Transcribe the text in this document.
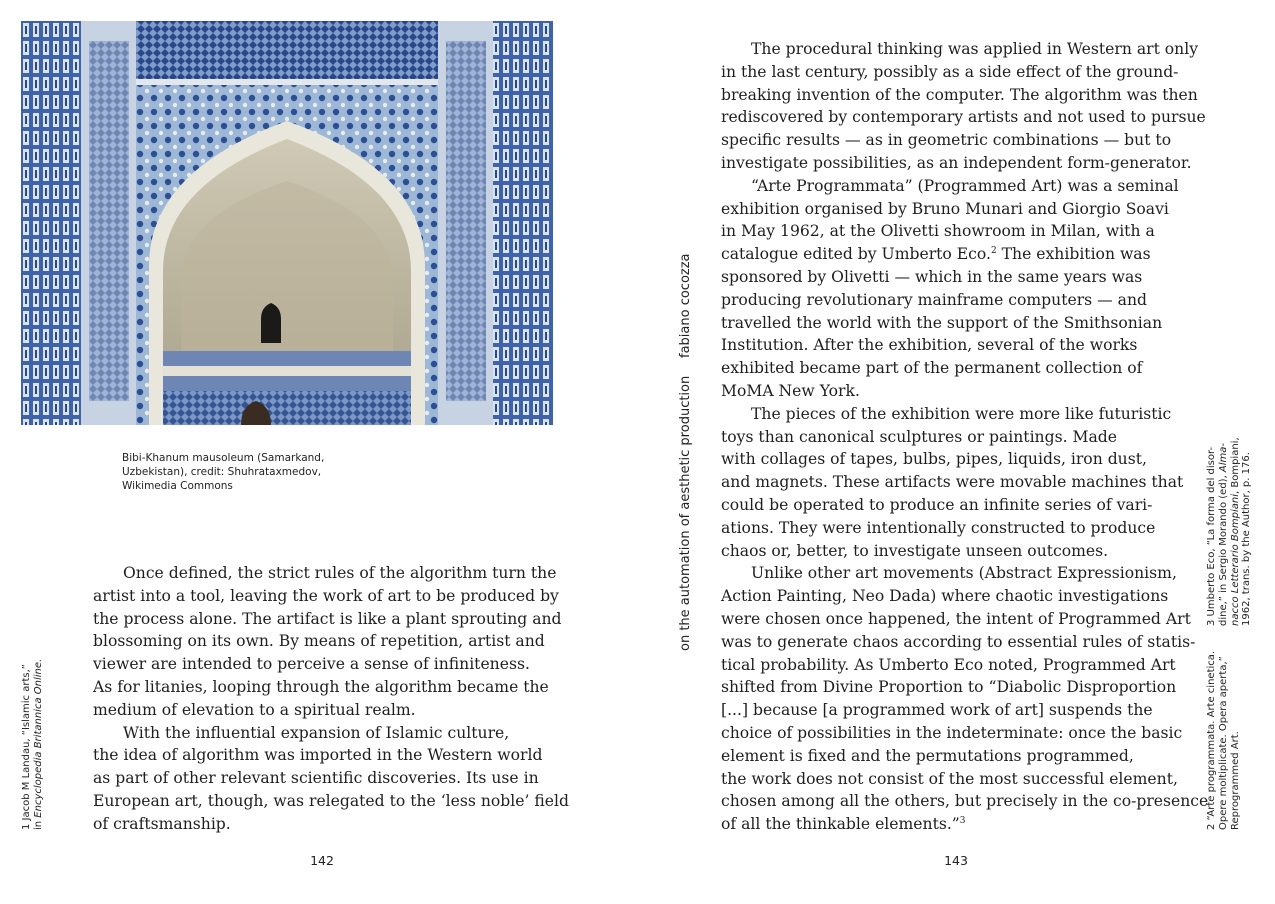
Bibi-Khanum mausoleum (Samarkand,
Uzbekistan), credit: Shuhrataxmedov,
Wikimedia Commons
Once defined, the strict rules of the algorithm turn the
artist into a tool, leaving the work of art to be produced by
the process alone. The artifact is like a plant sprouting and
blossoming on its own. By means of repetition, artist and
viewer are intended to perceive a sense of infiniteness.
As for litanies, looping through the algorithm became the
medium of elevation to a spiritual realm.
With the influential expansion of Islamic culture,
the idea of algorithm was imported in the Western world
as part of other relevant scientific discoveries. Its use in
European art, though, was relegated to the ‘less noble’ field
of craftsmanship.
1 Jacob M Landau, “Islamic arts,” in Encyclopedia Britannica Online.
142
fabiano cocozza
on the automation of aesthetic production
The procedural thinking was applied in Western art only
in the last century, possibly as a side effect of the ground-
breaking invention of the computer. The algorithm was then
rediscovered by contemporary artists and not used to pursue
specific results — as in geometric combinations — but to
investigate possibilities, as an independent form-generator.
“Arte Programmata” (Programmed Art) was a seminal
exhibition organised by Bruno Munari and Giorgio Soavi
in May 1962, at the Olivetti showroom in Milan, with a
catalogue edited by Umberto Eco.$^2$ The exhibition was
sponsored by Olivetti — which in the same years was
producing revolutionary mainframe computers — and
travelled the world with the support of the Smithsonian
Institution. After the exhibition, several of the works
exhibited became part of the permanent collection of
MoMA New York.
The pieces of the exhibition were more like futuristic
toys than canonical sculptures or paintings. Made
with collages of tapes, bulbs, pipes, liquids, iron dust,
and magnets. These artifacts were movable machines that
could be operated to produce an infinite series of vari-
ations. They were intentionally constructed to produce
chaos or, better, to investigate unseen outcomes.
Unlike other art movements (Abstract Expressionism,
Action Painting, Neo Dada) where chaotic investigations
were chosen once happened, the intent of Programmed Art
was to generate chaos according to essential rules of statis-
tical probability. As Umberto Eco noted, Programmed Art
shifted from Divine Proportion to “Diabolic Disproportion
[...] because [a programmed work of art] suspends the
choice of possibilities in the indeterminate: once the basic
element is fixed and the permutations programmed,
the work does not consist of the most successful element,
chosen among all the others, but precisely in the co-presence
of all the thinkable elements.”$^3$
3 Umberto Eco, “La forma del disor- dine,” in Sergio Morando (ed), Alma-
nacco Letterario Bompiani, Bompiani, 1962, trans. by the Author, p. 176.
2 “Arte programmata. Arte cinetica. Opere moltiplicate. Opera aperta,” Reprogrammed Art.
143
